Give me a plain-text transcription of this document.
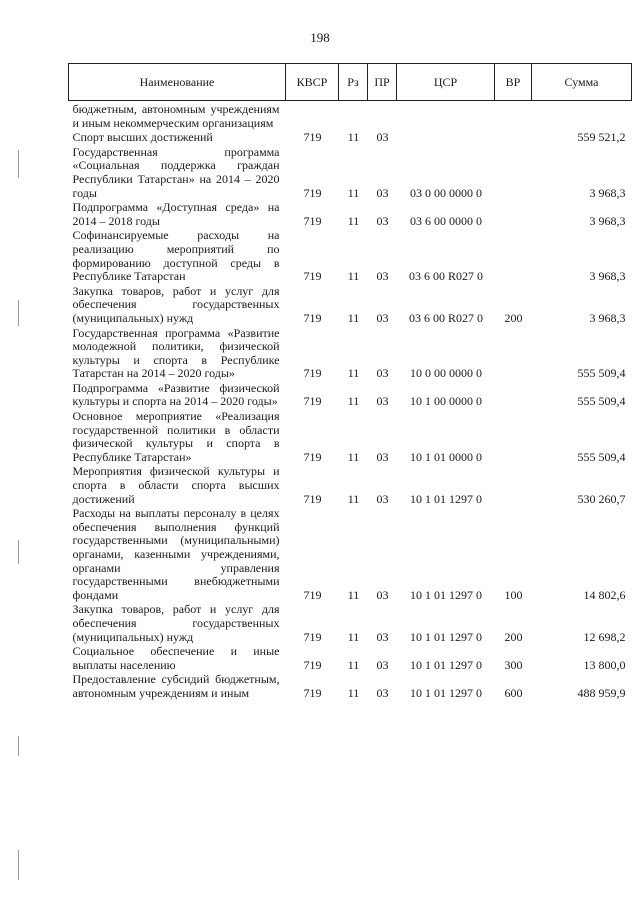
198
Наименование	КВСР	Рз	ПР	ЦСР	ВР	Сумма
бюджетным, автономным учреждениям и иным некоммерческим организациям						
Спорт высших достижений	719	11	03			559 521,2
Государственная программа «Социальная поддержка граждан Республики Татарстан» на 2014 – 2020 годы	719	11	03	03 0 00 0000 0		3 968,3
Подпрограмма «Доступная среда» на 2014 – 2018 годы	719	11	03	03 6 00 0000 0		3 968,3
Софинансируемые расходы на реализацию мероприятий по формированию доступной среды в Республике Татарстан	719	11	03	03 6 00 R027 0		3 968,3
Закупка товаров, работ и услуг для обеспечения государственных (муниципальных) нужд	719	11	03	03 6 00 R027 0	200	3 968,3
Государственная программа «Развитие молодежной политики, физической культуры и спорта в Республике Татарстан на 2014 – 2020 годы»	719	11	03	10 0 00 0000 0		555 509,4
Подпрограмма «Развитие физической культуры и спорта на 2014 – 2020 годы»	719	11	03	10 1 00 0000 0		555 509,4
Основное мероприятие «Реализация государственной политики в области физической культуры и спорта в Республике Татарстан»	719	11	03	10 1 01 0000 0		555 509,4
Мероприятия физической культуры и спорта в области спорта высших достижений	719	11	03	10 1 01 1297 0		530 260,7
Расходы на выплаты персоналу в целях обеспечения выполнения функций государственными (муниципальными) органами, казенными учреждениями, органами управления государственными внебюджетными фондами	719	11	03	10 1 01 1297 0	100	14 802,6
Закупка товаров, работ и услуг для обеспечения государственных (муниципальных) нужд	719	11	03	10 1 01 1297 0	200	12 698,2
Социальное обеспечение и иные выплаты населению	719	11	03	10 1 01 1297 0	300	13 800,0
Предоставление субсидий бюджетным, автономным учреждениям и иным	719	11	03	10 1 01 1297 0	600	488 959,9
